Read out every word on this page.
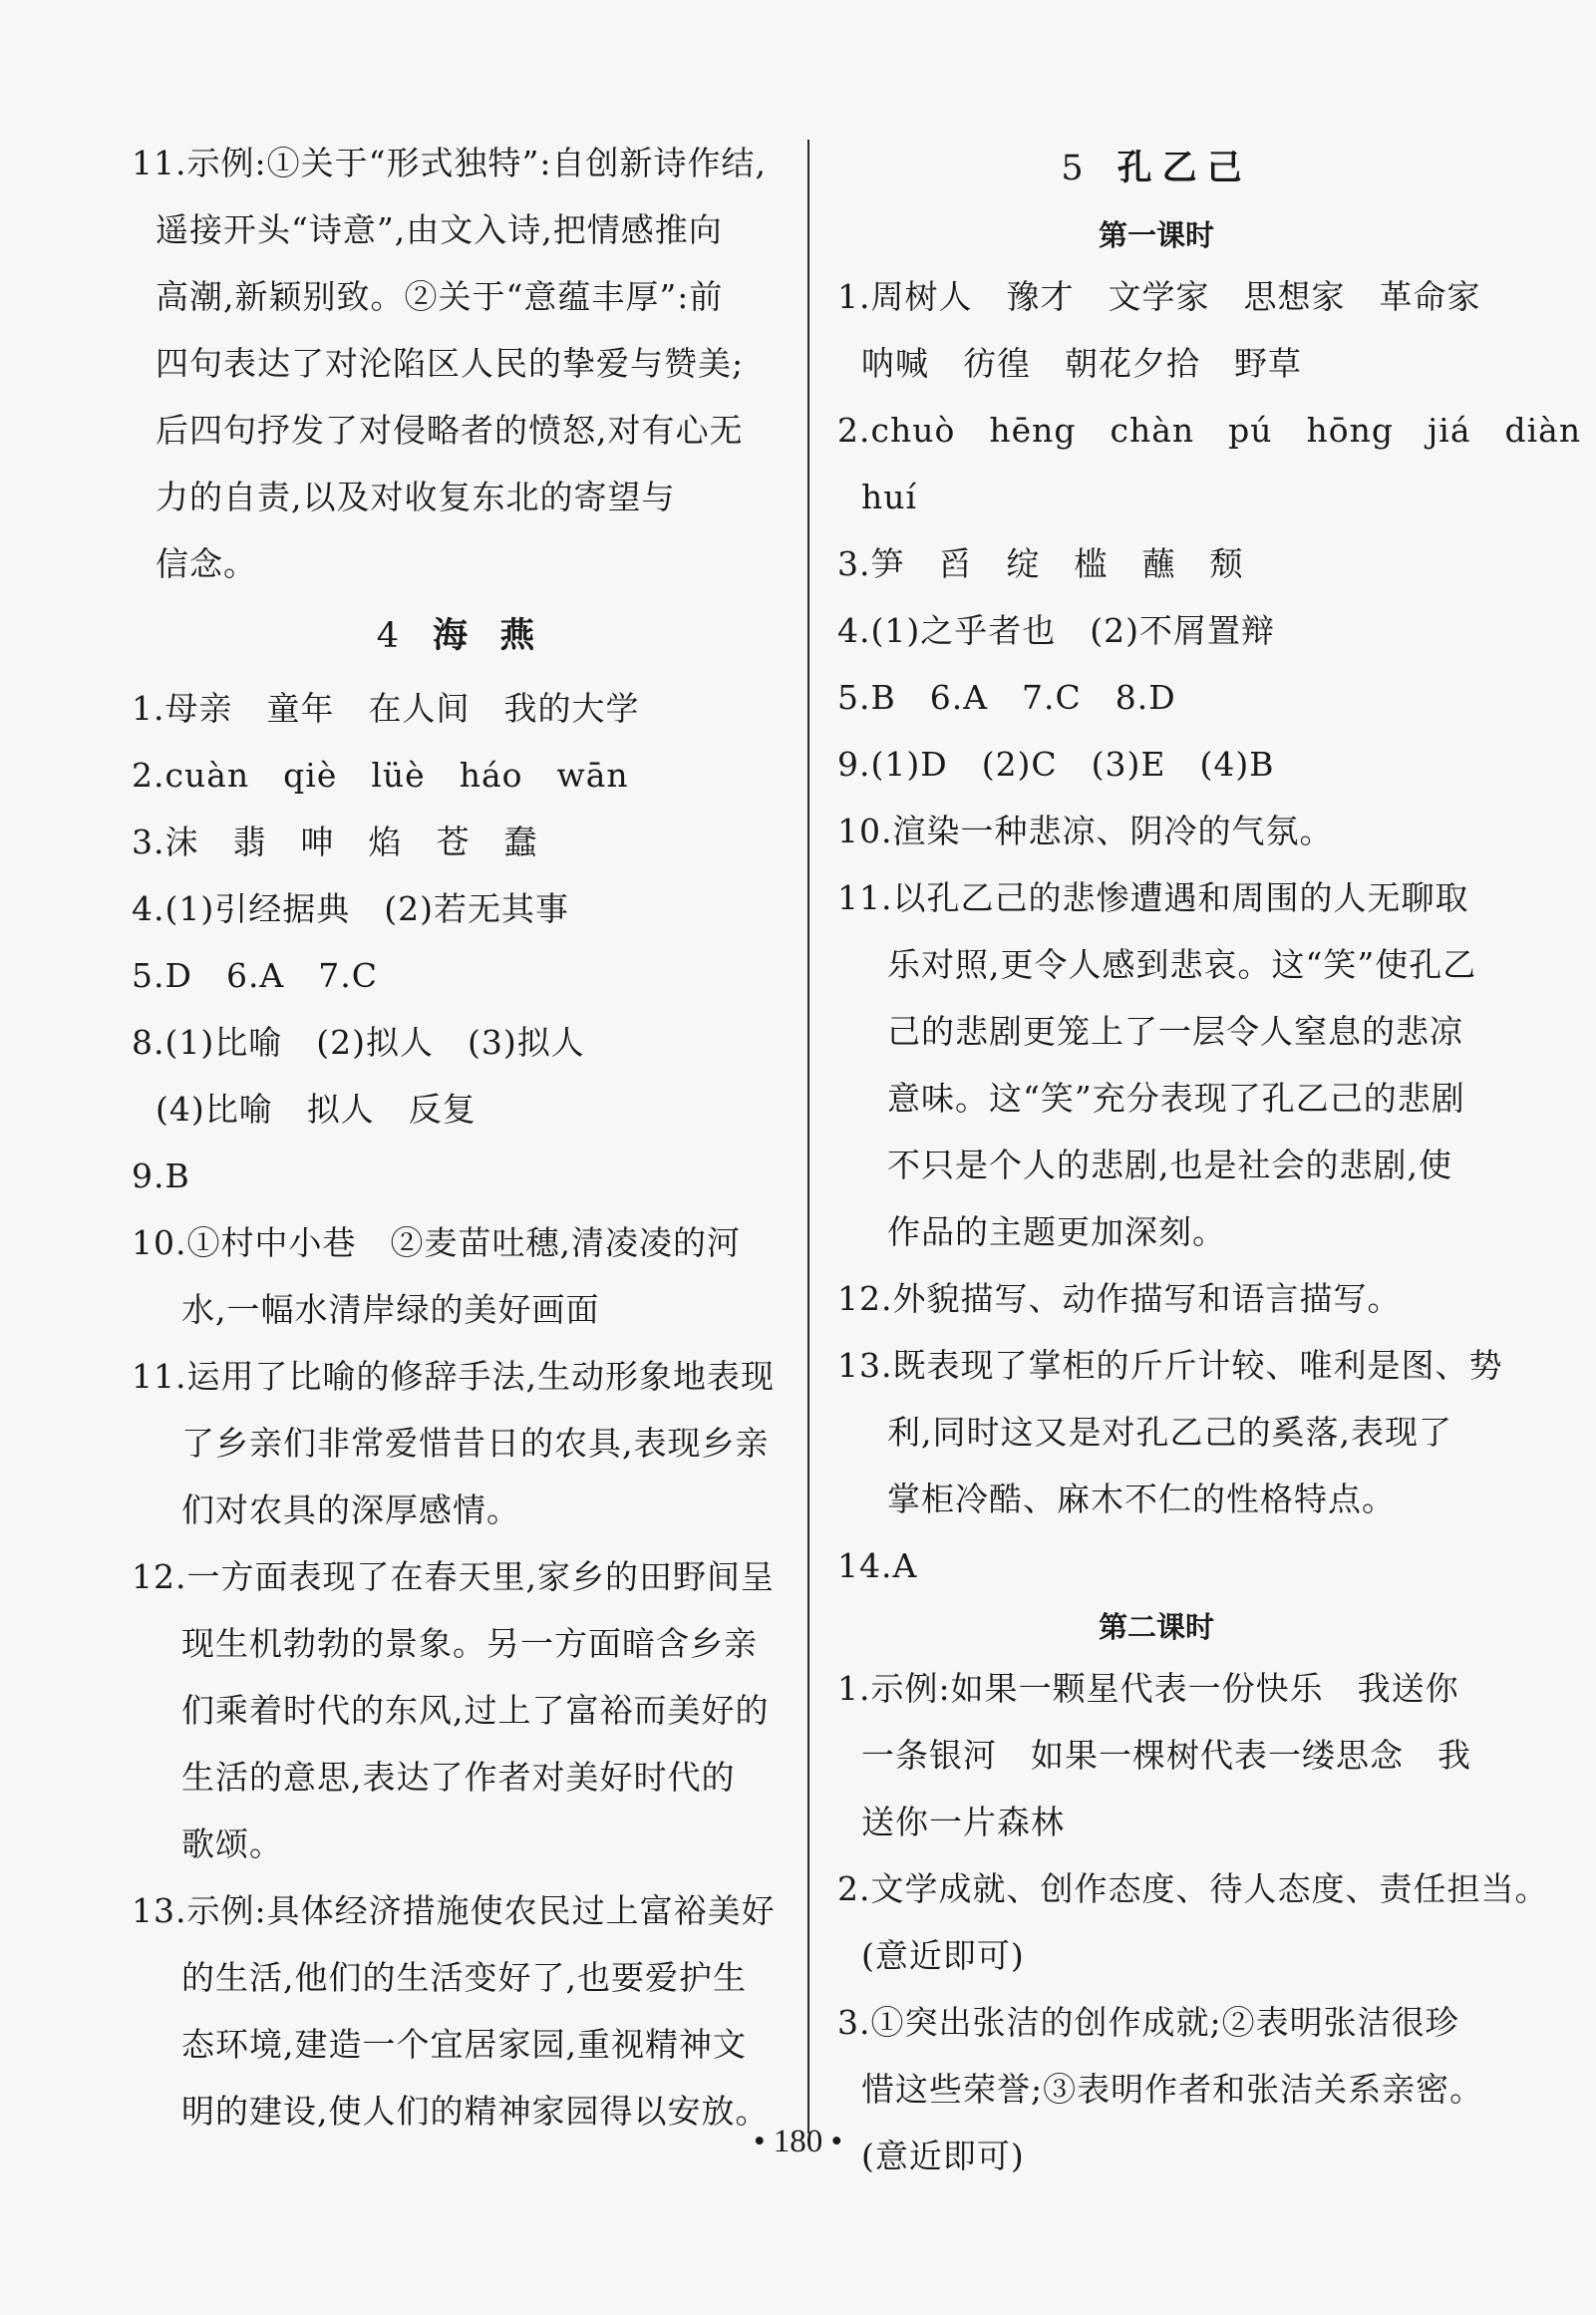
11.示例:①关于“形式独特”:自创新诗作结,
遥接开头“诗意”,由文入诗,把情感推向
高潮,新颖别致。②关于“意蕴丰厚”:前
四句表达了对沦陷区人民的挚爱与赞美;
后四句抒发了对侵略者的愤怒,对有心无
力的自责,以及对收复东北的寄望与
信念。
4 海 燕
1.母亲　童年　在人间　我的大学
2.cuàn　qiè　lüè　háo　wān
3.沫　翡　呻　焰　苍　蠢
4.(1)引经据典　(2)若无其事
5.D　6.A　7.C
8.(1)比喻　(2)拟人　(3)拟人
(4)比喻　拟人　反复
9.B
10.①村中小巷　②麦苗吐穗,清凌凌的河
水,一幅水清岸绿的美好画面
11.运用了比喻的修辞手法,生动形象地表现
了乡亲们非常爱惜昔日的农具,表现乡亲
们对农具的深厚感情。
12.一方面表现了在春天里,家乡的田野间呈
现生机勃勃的景象。另一方面暗含乡亲
们乘着时代的东风,过上了富裕而美好的
生活的意思,表达了作者对美好时代的
歌颂。
13.示例:具体经济措施使农民过上富裕美好
的生活,他们的生活变好了,也要爱护生
态环境,建造一个宜居家园,重视精神文
明的建设,使人们的精神家园得以安放。
5 孔乙己
第一课时
1.周树人　豫才　文学家　思想家　革命家
呐喊　彷徨　朝花夕拾　野草
2.chuò　hēng　chàn　pú　hōng　jiá　diàn
huí
3.笋　舀　绽　槛　蘸　颓
4.(1)之乎者也　(2)不屑置辩
5.B　6.A　7.C　8.D
9.(1)D　(2)C　(3)E　(4)B
10.渲染一种悲凉、阴冷的气氛。
11.以孔乙己的悲惨遭遇和周围的人无聊取
乐对照,更令人感到悲哀。这“笑”使孔乙
己的悲剧更笼上了一层令人窒息的悲凉
意味。这“笑”充分表现了孔乙己的悲剧
不只是个人的悲剧,也是社会的悲剧,使
作品的主题更加深刻。
12.外貌描写、动作描写和语言描写。
13.既表现了掌柜的斤斤计较、唯利是图、势
利,同时这又是对孔乙己的奚落,表现了
掌柜冷酷、麻木不仁的性格特点。
14.A
第二课时
1.示例:如果一颗星代表一份快乐　我送你
一条银河　如果一棵树代表一缕思念　我
送你一片森林
2.文学成就、创作态度、待人态度、责任担当。
(意近即可)
3.①突出张洁的创作成就;②表明张洁很珍
惜这些荣誉;③表明作者和张洁关系亲密。
(意近即可)
• 180 •
